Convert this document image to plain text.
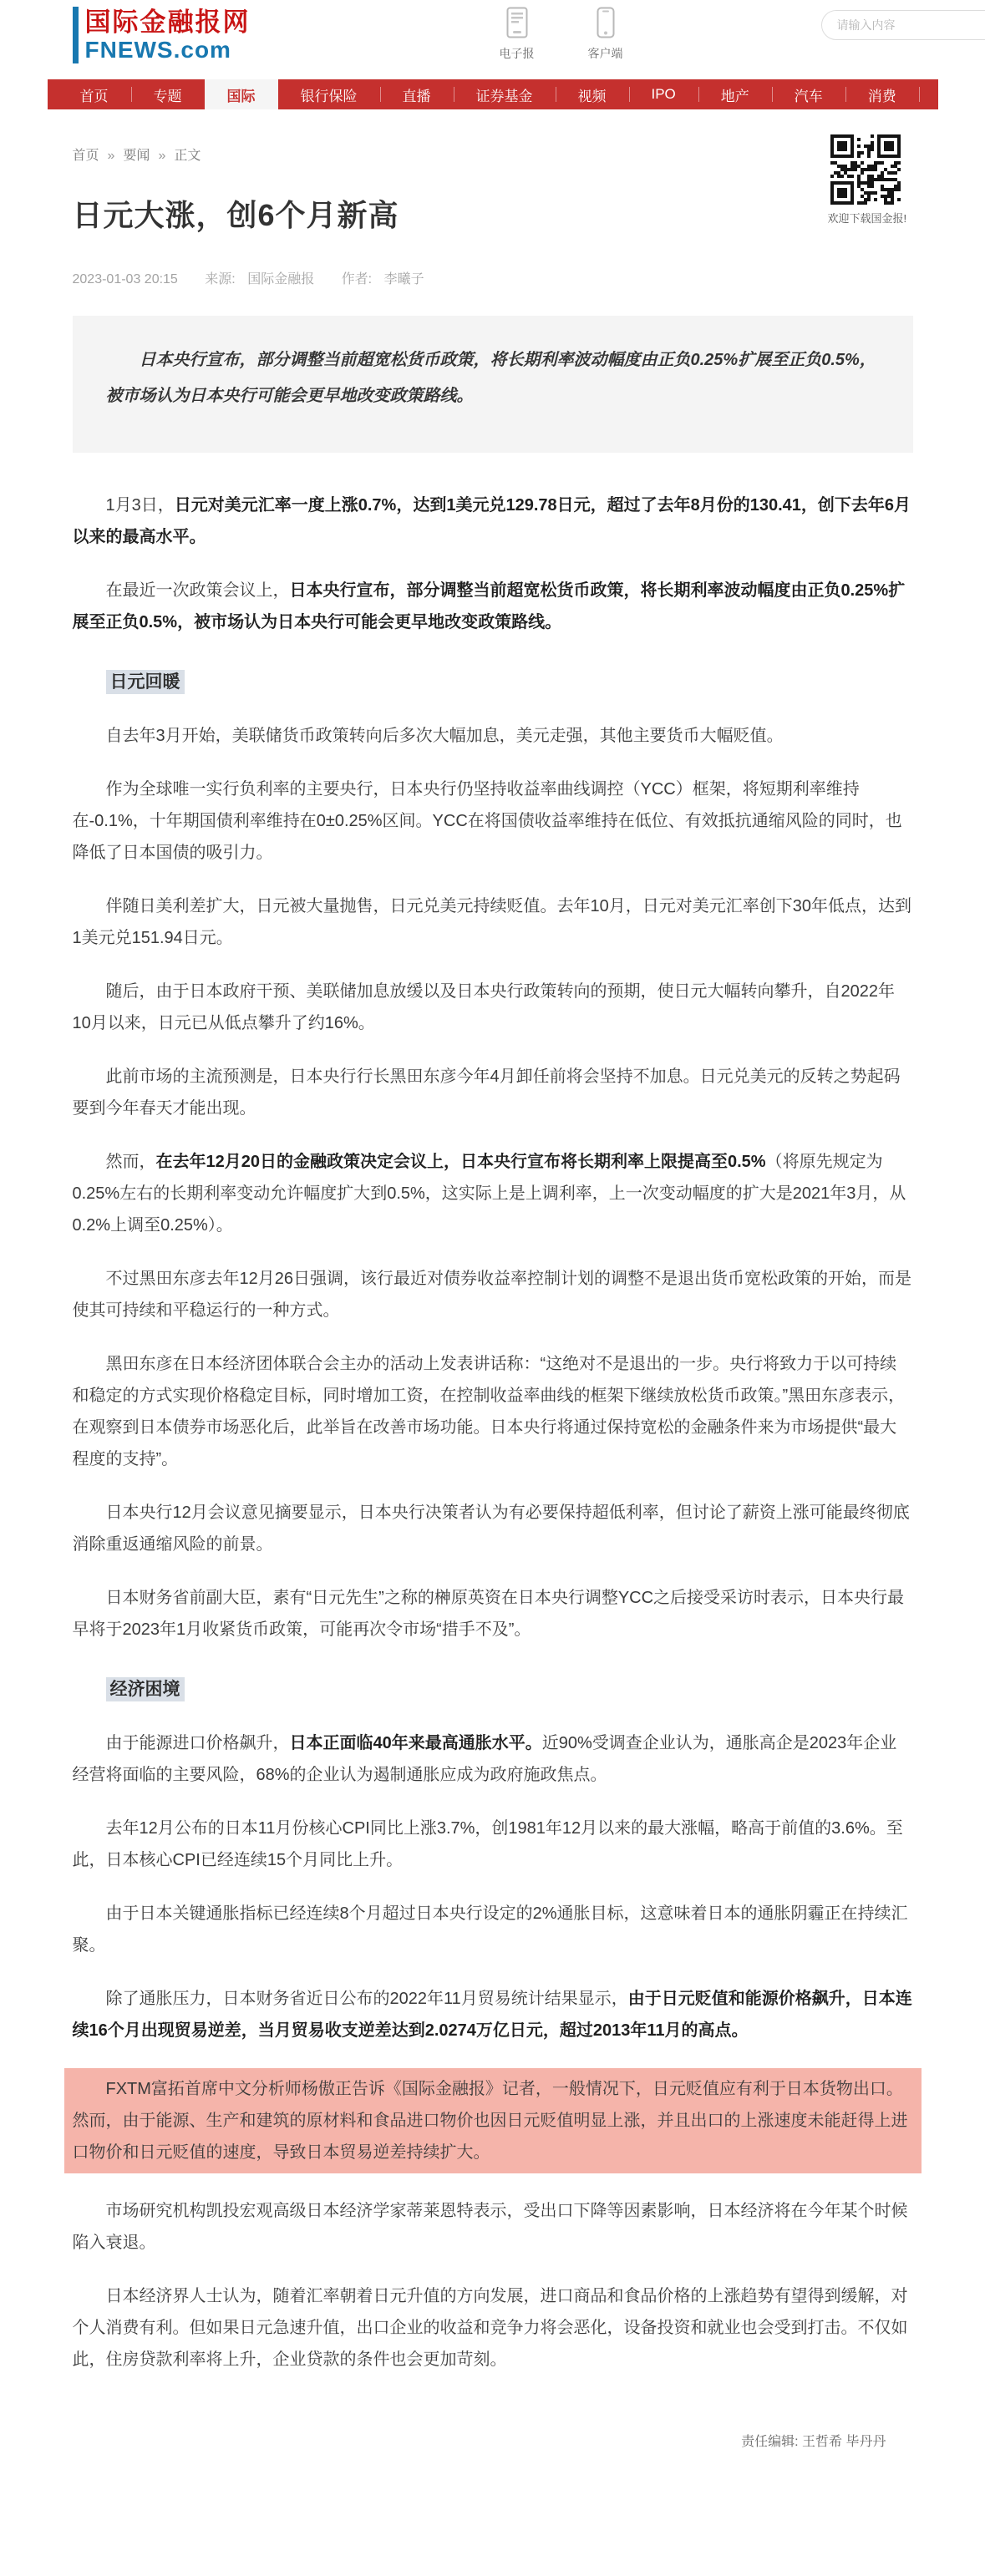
国际金融报网
FNEWS.com	电子报	客户端
请输入内容
首页	专题	国际	银行保险	直播	证券基金	视频	IPO	地产	汽车	消费	科技
欢迎下载国金报!
首页 » 要闻 » 正文
日元大涨，创6个月新高
2023-01-03 20:15 来源: 国际金融报 作者: 李曦子
日本央行宣布，部分调整当前超宽松货币政策，将长期利率波动幅度由正负0.25%扩展至正负0.5%，被市场认为日本央行可能会更早地改变政策路线。

1月3日，日元对美元汇率一度上涨0.7%，达到1美元兑129.78日元，超过了去年8月份的130.41，创下去年6月以来的最高水平。

在最近一次政策会议上，日本央行宣布，部分调整当前超宽松货币政策，将长期利率波动幅度由正负0.25%扩展至正负0.5%，被市场认为日本央行可能会更早地改变政策路线。

日元回暖

自去年3月开始，美联储货币政策转向后多次大幅加息，美元走强，其他主要货币大幅贬值。

作为全球唯一实行负利率的主要央行，日本央行仍坚持收益率曲线调控（YCC）框架，将短期利率维持在-0.1%，十年期国债利率维持在0±0.25%区间。YCC在将国债收益率维持在低位、有效抵抗通缩风险的同时，也降低了日本国债的吸引力。

伴随日美利差扩大，日元被大量抛售，日元兑美元持续贬值。去年10月，日元对美元汇率创下30年低点，达到1美元兑151.94日元。

随后，由于日本政府干预、美联储加息放缓以及日本央行政策转向的预期，使日元大幅转向攀升，自2022年10月以来，日元已从低点攀升了约16%。

此前市场的主流预测是，日本央行行长黑田东彦今年4月卸任前将会坚持不加息。日元兑美元的反转之势起码要到今年春天才能出现。

然而，在去年12月20日的金融政策决定会议上，日本央行宣布将长期利率上限提高至0.5%（将原先规定为0.25%左右的长期利率变动允许幅度扩大到0.5%，这实际上是上调利率，上一次变动幅度的扩大是2021年3月，从0.2%上调至0.25%）。

不过黑田东彦去年12月26日强调，该行最近对债券收益率控制计划的调整不是退出货币宽松政策的开始，而是使其可持续和平稳运行的一种方式。

黑田东彦在日本经济团体联合会主办的活动上发表讲话称：“这绝对不是退出的一步。央行将致力于以可持续和稳定的方式实现价格稳定目标，同时增加工资，在控制收益率曲线的框架下继续放松货币政策。”黑田东彦表示，在观察到日本债券市场恶化后，此举旨在改善市场功能。日本央行将通过保持宽松的金融条件来为市场提供“最大程度的支持”。

日本央行12月会议意见摘要显示，日本央行决策者认为有必要保持超低利率，但讨论了薪资上涨可能最终彻底消除重返通缩风险的前景。

日本财务省前副大臣，素有“日元先生”之称的榊原英资在日本央行调整YCC之后接受采访时表示，日本央行最早将于2023年1月收紧货币政策，可能再次令市场“措手不及”。

经济困境

由于能源进口价格飙升，日本正面临40年来最高通胀水平。近90%受调查企业认为，通胀高企是2023年企业经营将面临的主要风险，68%的企业认为遏制通胀应成为政府施政焦点。

去年12月公布的日本11月份核心CPI同比上涨3.7%，创1981年12月以来的最大涨幅，略高于前值的3.6%。至此，日本核心CPI已经连续15个月同比上升。

由于日本关键通胀指标已经连续8个月超过日本央行设定的2%通胀目标，这意味着日本的通胀阴霾正在持续汇聚。

除了通胀压力，日本财务省近日公布的2022年11月贸易统计结果显示，由于日元贬值和能源价格飙升，日本连续16个月出现贸易逆差，当月贸易收支逆差达到2.0274万亿日元，超过2013年11月的高点。

FXTM富拓首席中文分析师杨傲正告诉《国际金融报》记者，一般情况下，日元贬值应有利于日本货物出口。然而，由于能源、生产和建筑的原材料和食品进口物价也因日元贬值明显上涨，并且出口的上涨速度未能赶得上进口物价和日元贬值的速度，导致日本贸易逆差持续扩大。

市场研究机构凯投宏观高级日本经济学家蒂莱恩特表示，受出口下降等因素影响，日本经济将在今年某个时候陷入衰退。

日本经济界人士认为，随着汇率朝着日元升值的方向发展，进口商品和食品价格的上涨趋势有望得到缓解，对个人消费有利。但如果日元急速升值，出口企业的收益和竞争力将会恶化，设备投资和就业也会受到打击。不仅如此，住房贷款利率将上升，企业贷款的条件也会更加苛刻。

责任编辑: 王哲希 毕丹丹
